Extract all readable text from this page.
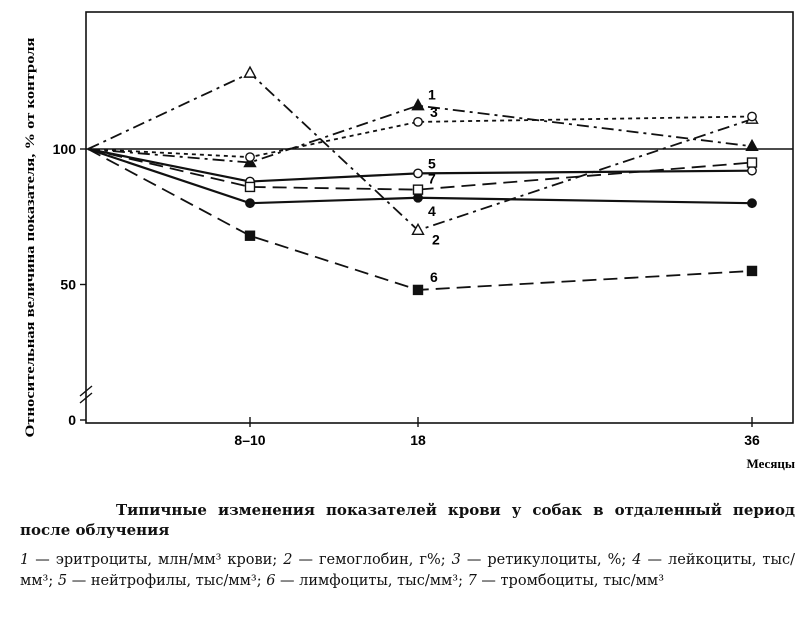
1
2
3
4
5
6
7
0
50
100
8–10	18	36
Относительная величина показателя, % от контроля
Месяцы

Типичные изменения показателей крови у собак в отдаленный период после облучения

1 — эритроциты, млн/мм³ крови; 2 — гемоглобин, г%; 3 — ретикулоциты, %; 4 — лейкоциты, тыс/мм³; 5 — нейтрофилы, тыс/мм³; 6 — лимфоциты, тыс/мм³; 7 — тромбоциты, тыс/мм³
